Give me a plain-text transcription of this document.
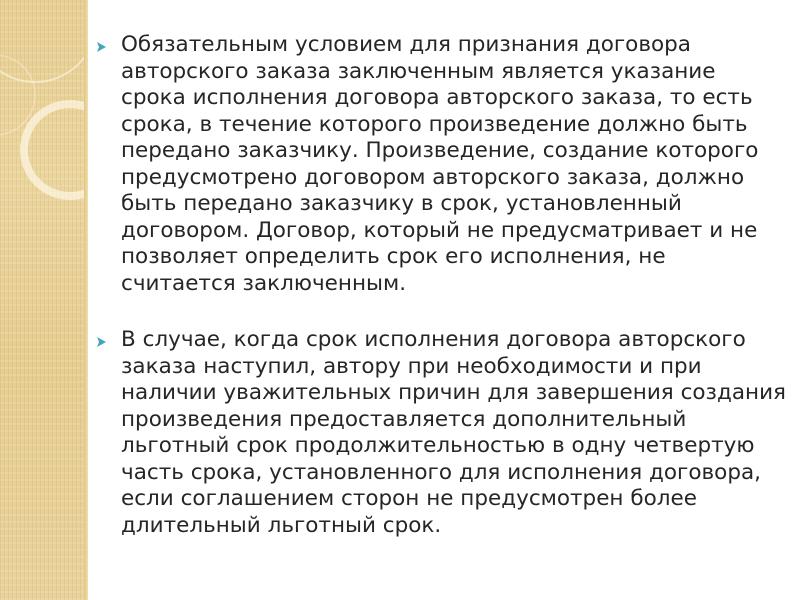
Обязательным условием для признания договора авторского заказа заключенным является указание срока исполнения договора авторского заказа, то есть срока, в течение которого произведение должно быть передано заказчику. Произведение, создание которого предусмотрено договором авторского заказа, должно быть передано заказчику в срок, установленный договором. Договор, который не предусматривает и не позволяет определить срок его исполнения, не считается заключенным.
В случае, когда срок исполнения договора авторского заказа наступил, автору при необходимости и при наличии уважительных причин для завершения создания произведения предоставляется дополнительный льготный срок продолжительностью в одну четвертую часть срока, установленного для исполнения договора, если соглашением сторон не предусмотрен более длительный льготный срок.
